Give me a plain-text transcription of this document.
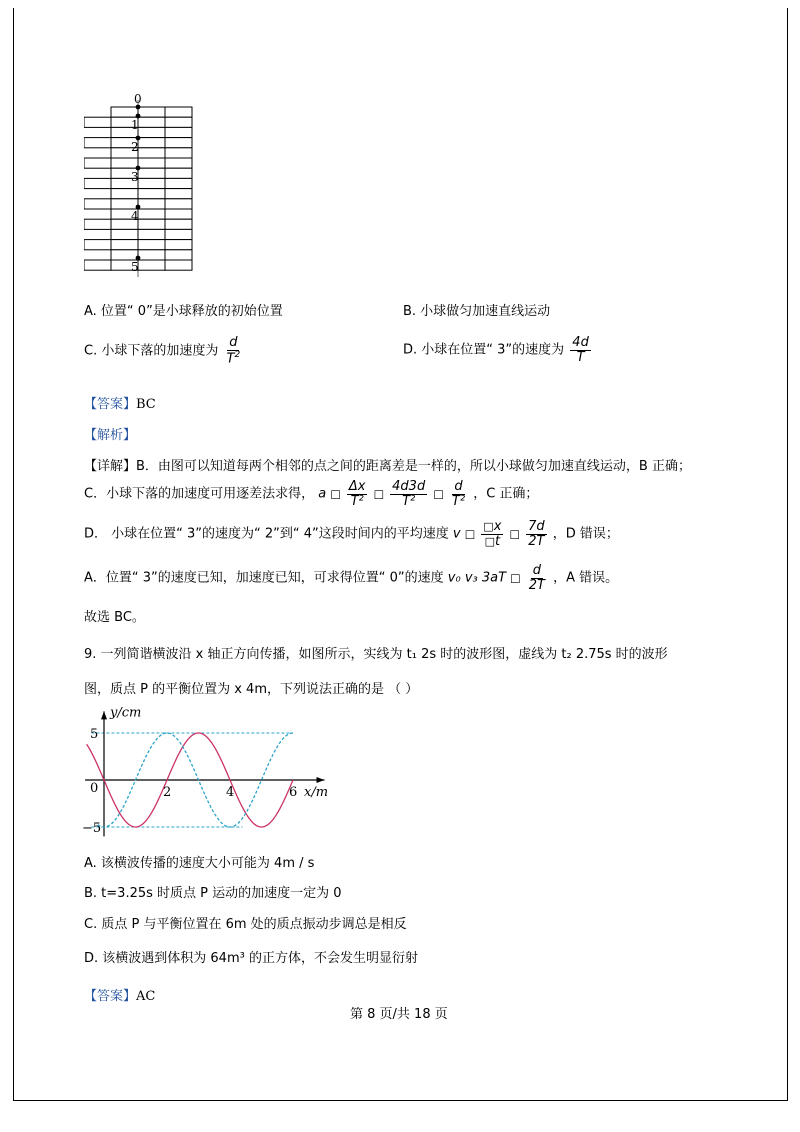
0
1
2
3
4
5
A. 位置“ 0”是小球释放的初始位置	B. 小球做匀加速直线运动
C. 小球下落的加速度为 $\frac{d}{T^2}$	D. 小球在位置“ 3”的速度为 $\frac{4d}{T}$
【答案】BC
【解析】
【详解】B．由图可以知道每两个相邻的点之间的距离差是一样的，所以小球做匀加速直线运动，B 正确；
C．小球下落的加速度可用逐差法求得， a □ $\frac{\Delta x}{\text{T²}}$ □ $\frac{4d3d}{\text{T²}}$ □ $\frac{d}{\text{T²}}$ ，C 正确；
D． 小球在位置“ 3”的速度为“ 2”到“ 4”这段时间内的平均速度 v □ $\frac{□x}{□t}$ □ $\frac{7d}{2T}$ ，D 错误；
A．位置“ 3”的速度已知，加速度已知，可求得位置“ 0”的速度 v₀ v₃ 3aT □ $\frac{d}{2T}$ ，A 错误。
故选 BC。
9. 一列简谐横波沿 x 轴正方向传播，如图所示，实线为 t₁ 2s 时的波形图，虚线为 t₂ 2.75s 时的波形
图，质点 P 的平衡位置为 x 4m，下列说法正确的是 （ ）
2	4	6
5
0
−5
y/cm
x/m
A. 该横波传播的速度大小可能为 4m / s
B. t=3.25s 时质点 P 运动的加速度一定为 0
C. 质点 P 与平衡位置在 6m 处的质点振动步调总是相反
D. 该横波遇到体积为 64m³ 的正方体，不会发生明显衍射
【答案】AC
第 8 页/共 18 页
